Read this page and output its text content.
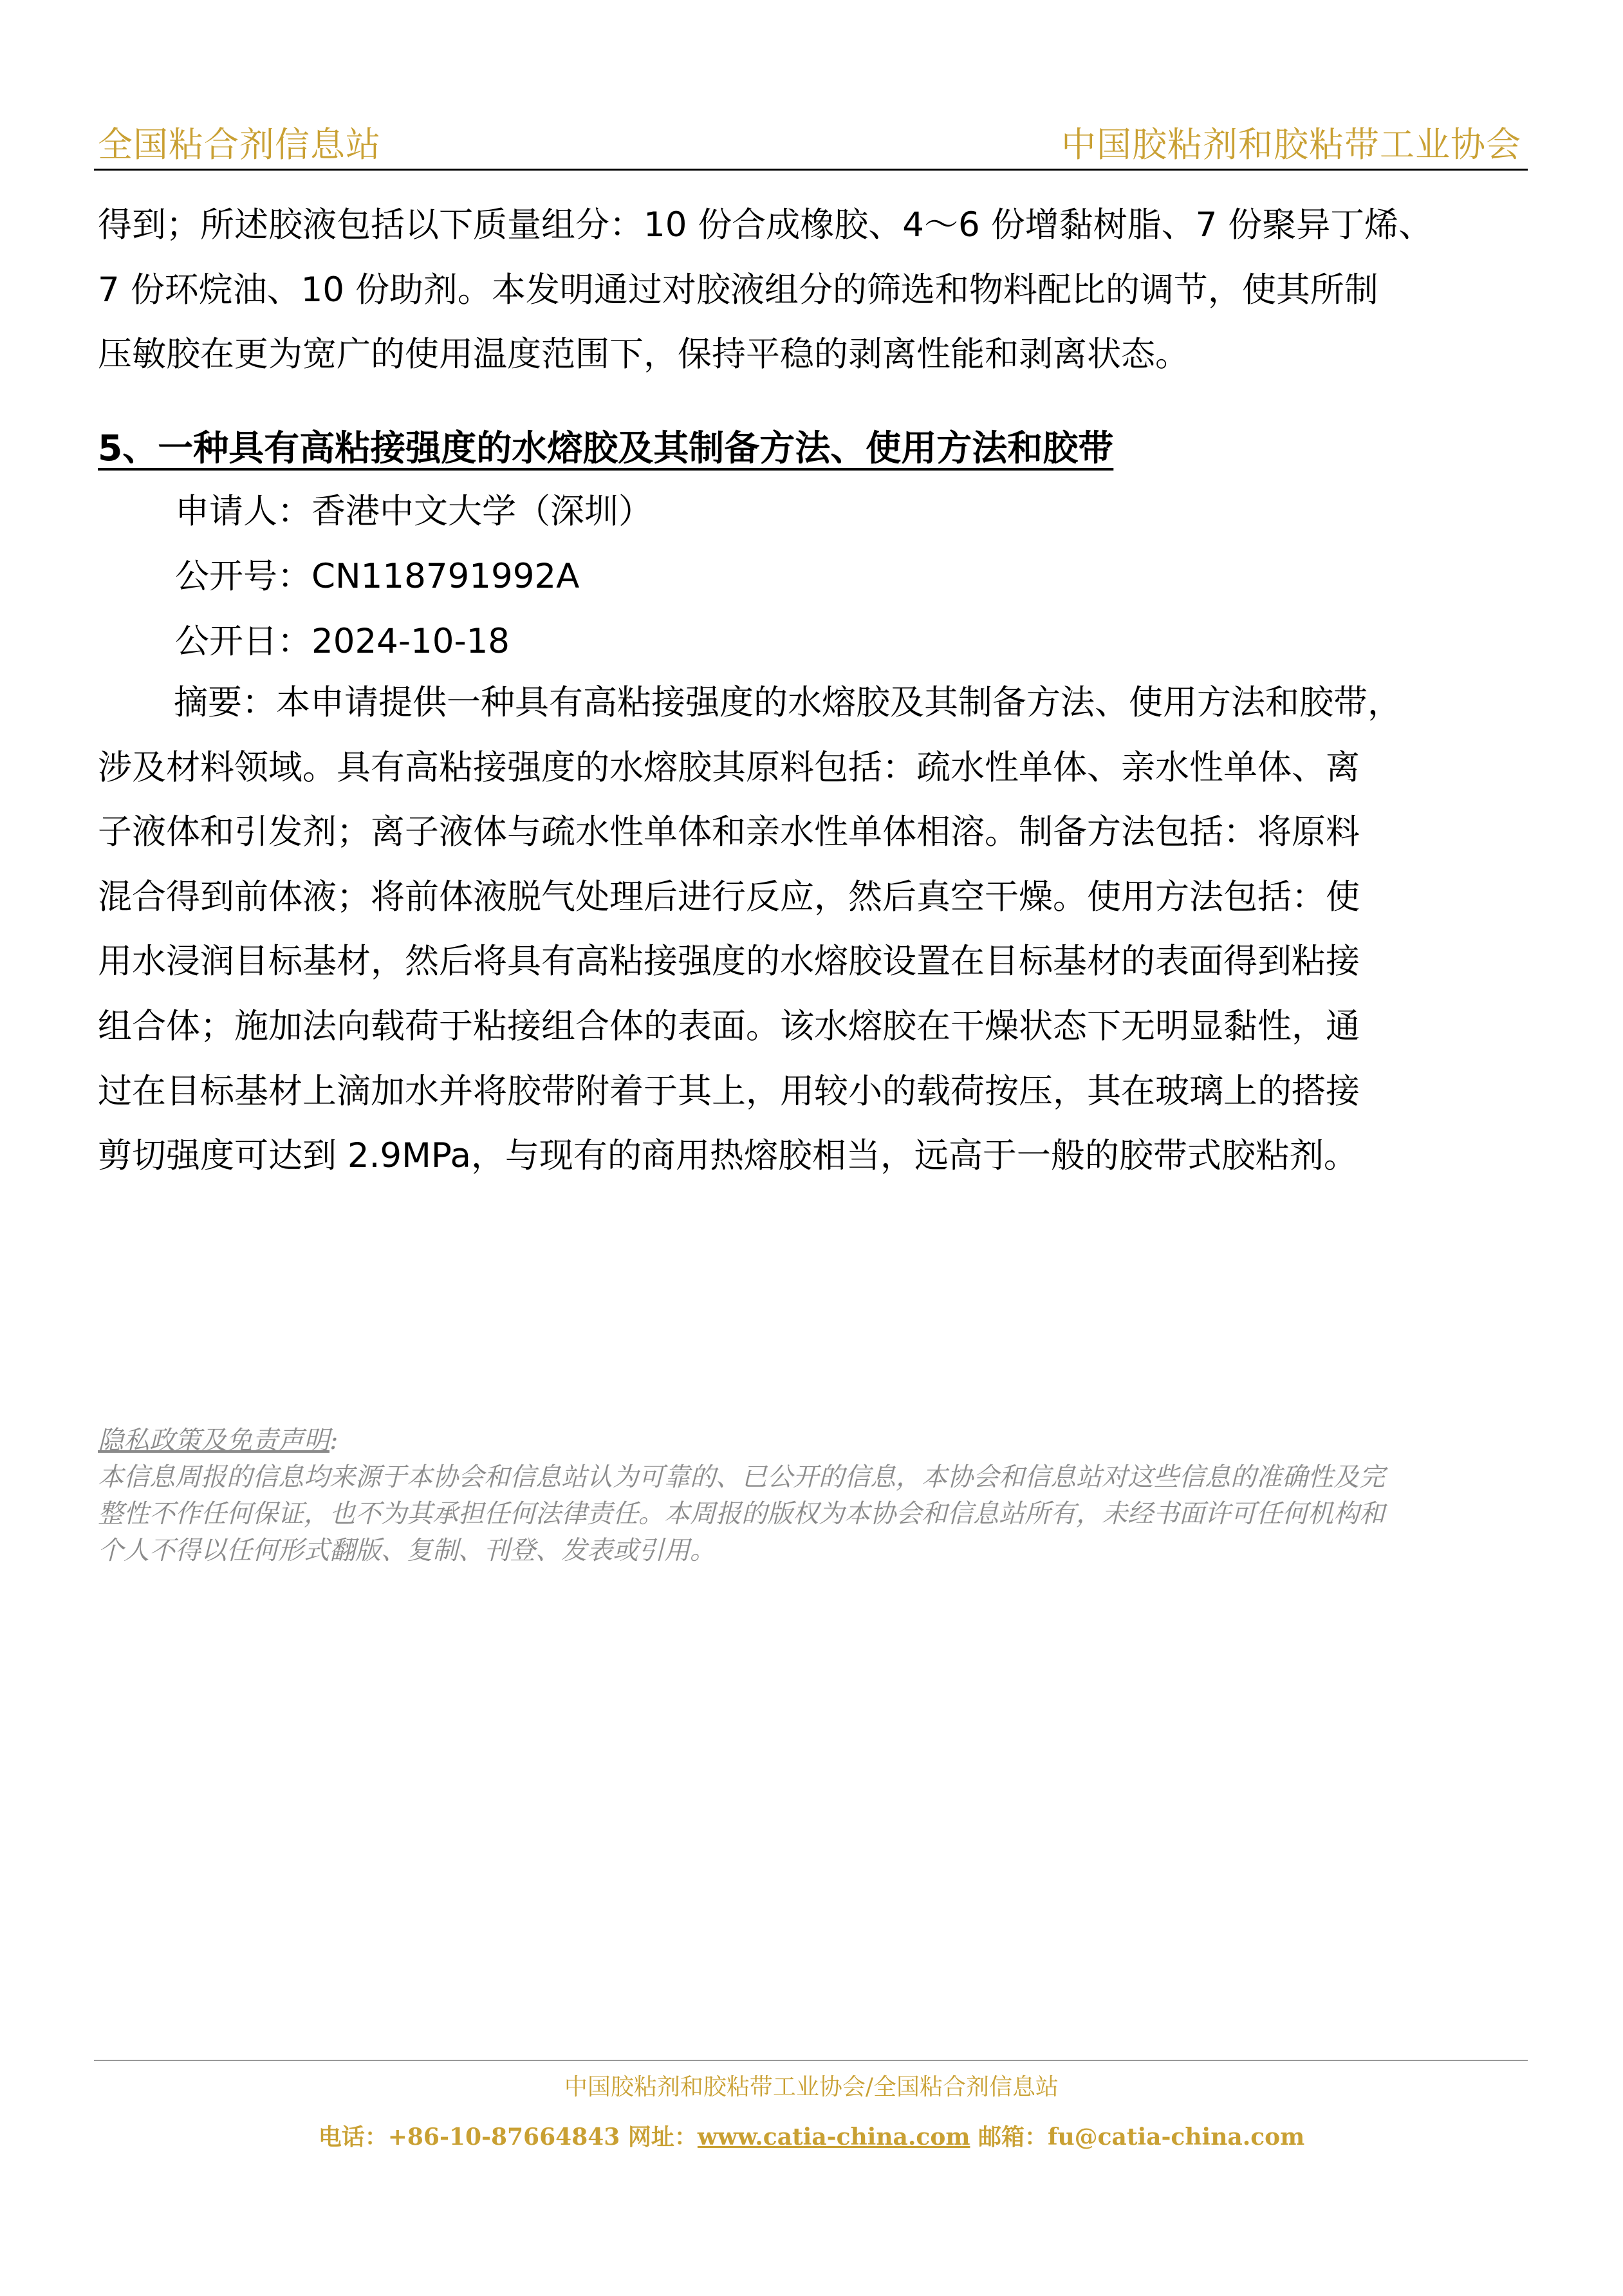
全国粘合剂信息站	中国胶粘剂和胶粘带工业协会

得到；所述胶液包括以下质量组分：10 份合成橡胶、4～6 份增黏树脂、7 份聚异丁烯、

7 份环烷油、10 份助剂。本发明通过对胶液组分的筛选和物料配比的调节，使其所制

压敏胶在更为宽广的使用温度范围下，保持平稳的剥离性能和剥离状态。

5、一种具有高粘接强度的水熔胶及其制备方法、使用方法和胶带
申请人：香港中文大学（深圳）
公开号：CN118791992A
公开日：2024-10-18

摘要：本申请提供一种具有高粘接强度的水熔胶及其制备方法、使用方法和胶带，

涉及材料领域。具有高粘接强度的水熔胶其原料包括：疏水性单体、亲水性单体、离

子液体和引发剂；离子液体与疏水性单体和亲水性单体相溶。制备方法包括：将原料

混合得到前体液；将前体液脱气处理后进行反应，然后真空干燥。使用方法包括：使

用水浸润目标基材，然后将具有高粘接强度的水熔胶设置在目标基材的表面得到粘接

组合体；施加法向载荷于粘接组合体的表面。该水熔胶在干燥状态下无明显黏性，通

过在目标基材上滴加水并将胶带附着于其上，用较小的载荷按压，其在玻璃上的搭接

剪切强度可达到 2.9MPa，与现有的商用热熔胶相当，远高于一般的胶带式胶粘剂。

隐私政策及免责声明:
本信息周报的信息均来源于本协会和信息站认为可靠的、已公开的信息，本协会和信息站对这些信息的准确性及完
整性不作任何保证，也不为其承担任何法律责任。本周报的版权为本协会和信息站所有，未经书面许可任何机构和
个人不得以任何形式翻版、复制、刊登、发表或引用。
中国胶粘剂和胶粘带工业协会/全国粘合剂信息站
电话：+86-10-87664843 网址：www.catia-china.com 邮箱：fu@catia-china.com
